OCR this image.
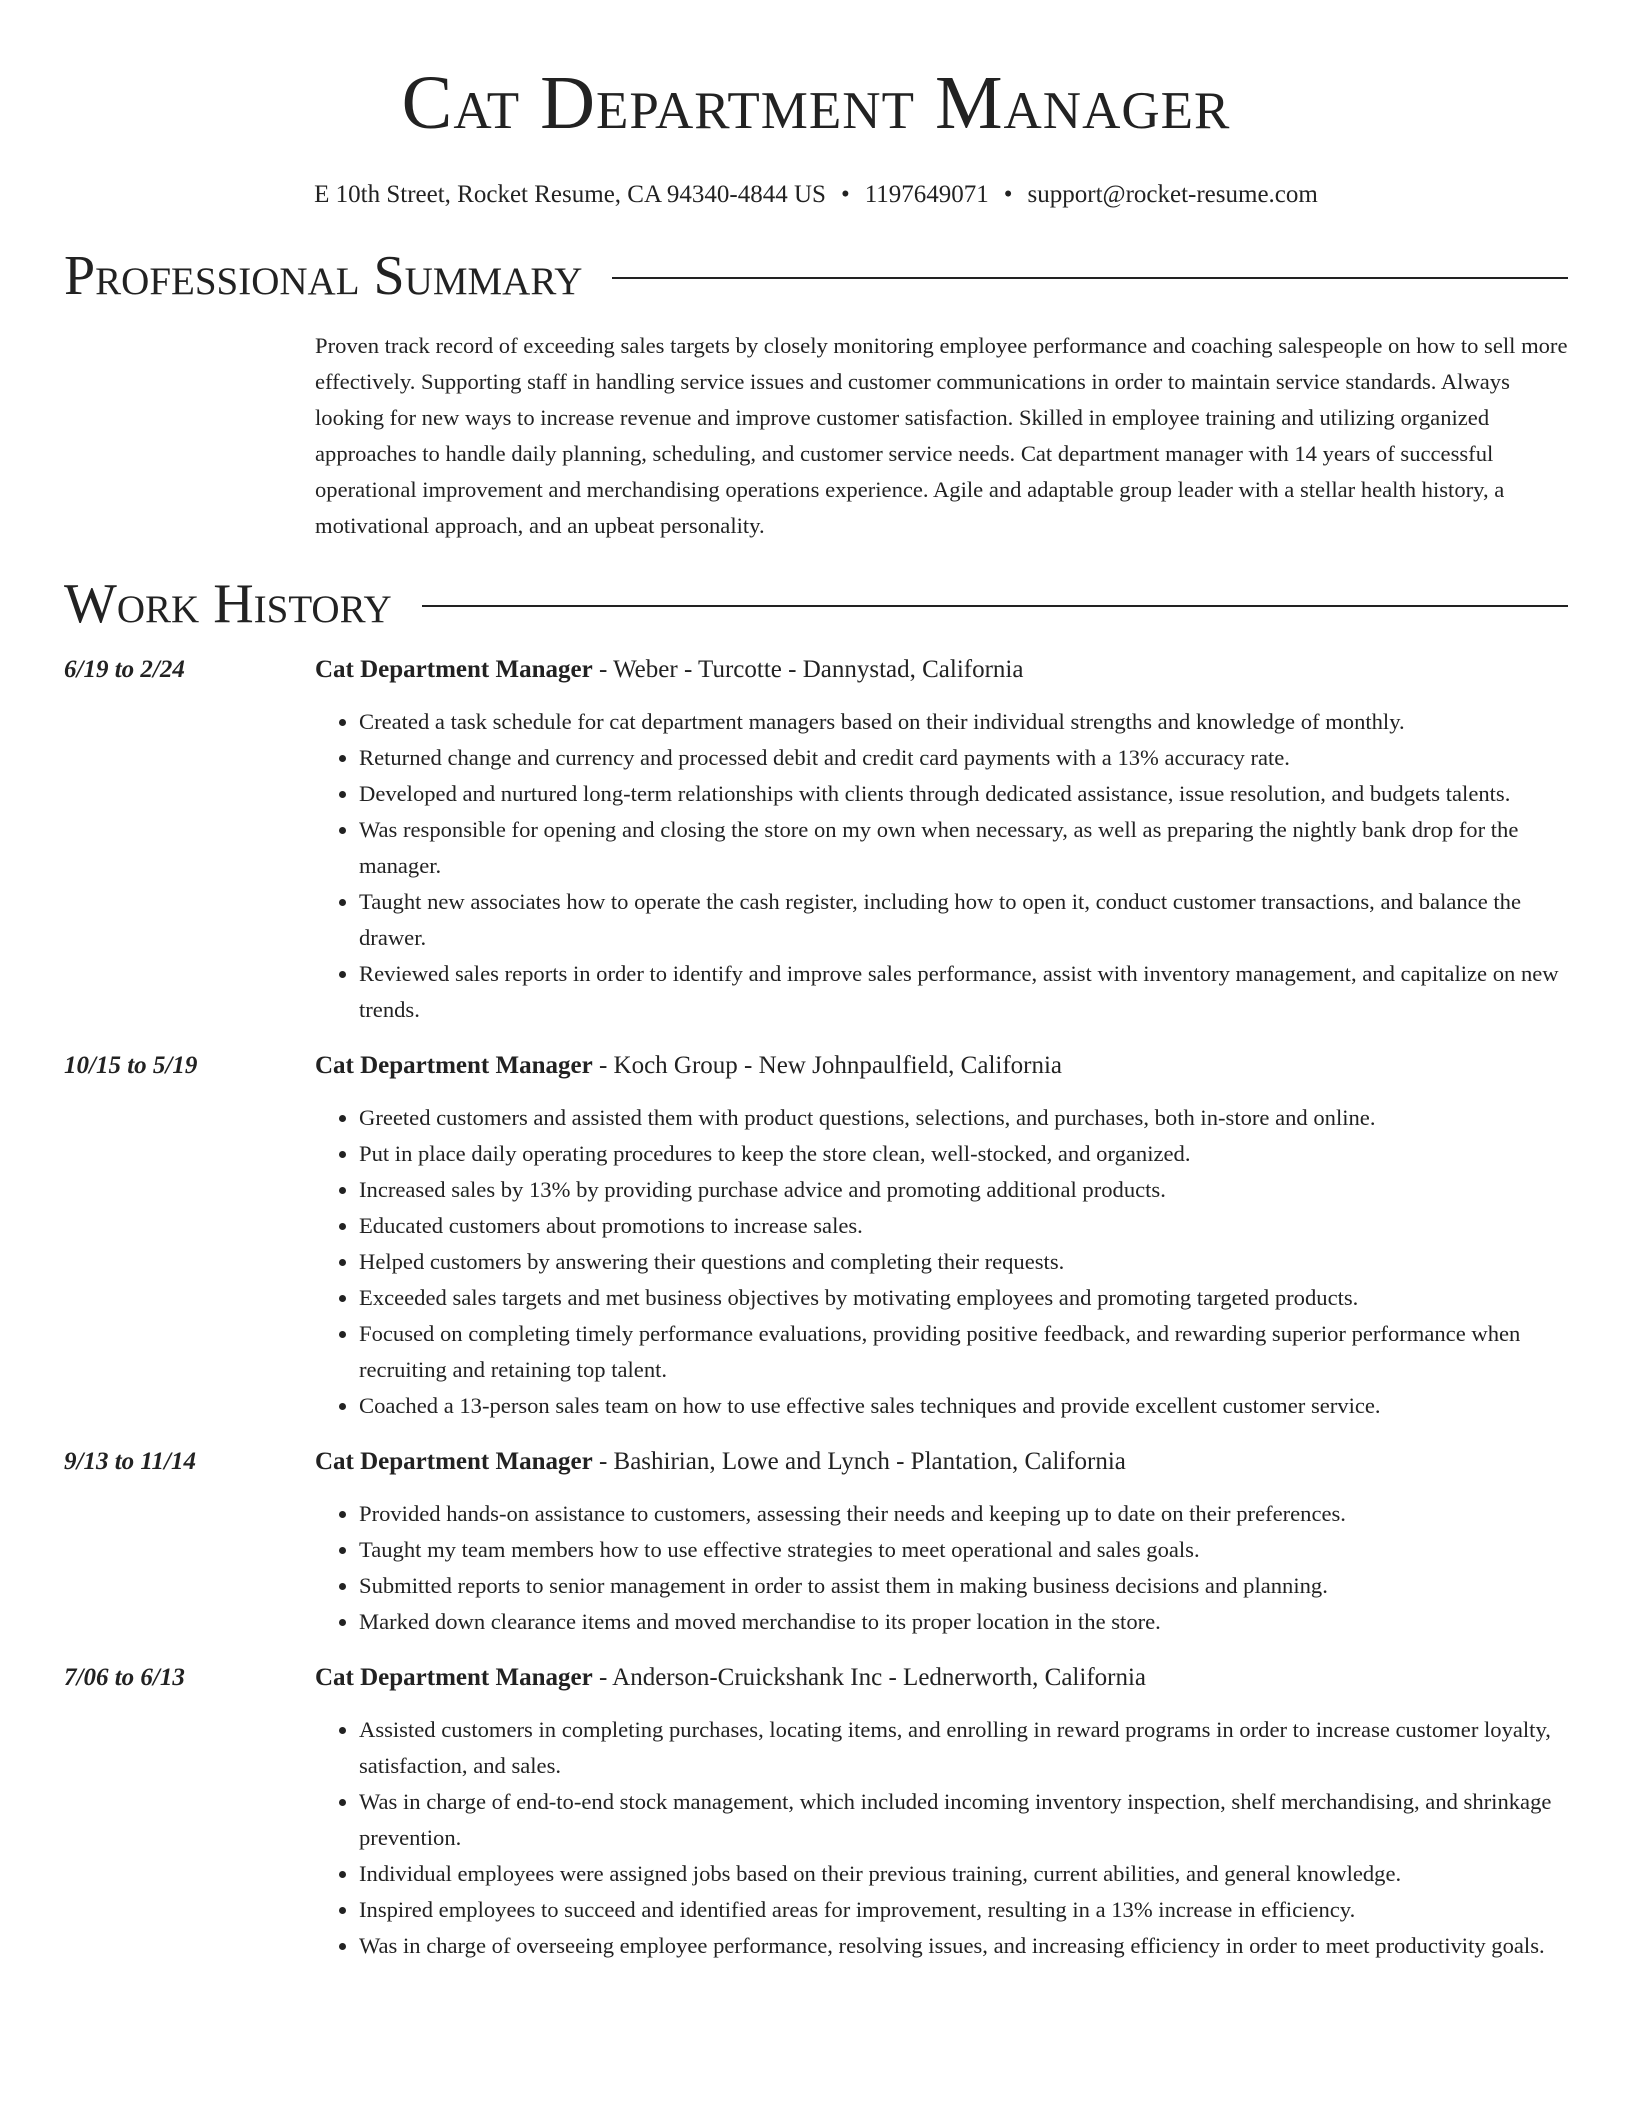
Cat Department Manager
E 10th Street, Rocket Resume, CA 94340-4844 US • 1197649071 • support@rocket-resume.com
Professional Summary
Proven track record of exceeding sales targets by closely monitoring employee performance and coaching salespeople on how to sell more effectively. Supporting staff in handling service issues and customer communications in order to maintain service standards. Always looking for new ways to increase revenue and improve customer satisfaction. Skilled in employee training and utilizing organized approaches to handle daily planning, scheduling, and customer service needs. Cat department manager with 14 years of successful operational improvement and merchandising operations experience. Agile and adaptable group leader with a stellar health history, a motivational approach, and an upbeat personality.
Work History
6/19 to 2/24	Cat Department Manager - Weber - Turcotte - Dannystad, California
• Created a task schedule for cat department managers based on their individual strengths and knowledge of monthly.
• Returned change and currency and processed debit and credit card payments with a 13% accuracy rate.
• Developed and nurtured long-term relationships with clients through dedicated assistance, issue resolution, and budgets talents.
• Was responsible for opening and closing the store on my own when necessary, as well as preparing the nightly bank drop for the manager.
• Taught new associates how to operate the cash register, including how to open it, conduct customer transactions, and balance the drawer.
• Reviewed sales reports in order to identify and improve sales performance, assist with inventory management, and capitalize on new trends.
10/15 to 5/19	Cat Department Manager - Koch Group - New Johnpaulfield, California
• Greeted customers and assisted them with product questions, selections, and purchases, both in-store and online.
• Put in place daily operating procedures to keep the store clean, well-stocked, and organized.
• Increased sales by 13% by providing purchase advice and promoting additional products.
• Educated customers about promotions to increase sales.
• Helped customers by answering their questions and completing their requests.
• Exceeded sales targets and met business objectives by motivating employees and promoting targeted products.
• Focused on completing timely performance evaluations, providing positive feedback, and rewarding superior performance when recruiting and retaining top talent.
• Coached a 13-person sales team on how to use effective sales techniques and provide excellent customer service.
9/13 to 11/14	Cat Department Manager - Bashirian, Lowe and Lynch - Plantation, California
• Provided hands-on assistance to customers, assessing their needs and keeping up to date on their preferences.
• Taught my team members how to use effective strategies to meet operational and sales goals.
• Submitted reports to senior management in order to assist them in making business decisions and planning.
• Marked down clearance items and moved merchandise to its proper location in the store.
7/06 to 6/13	Cat Department Manager - Anderson-Cruickshank Inc - Lednerworth, California
• Assisted customers in completing purchases, locating items, and enrolling in reward programs in order to increase customer loyalty, satisfaction, and sales.
• Was in charge of end-to-end stock management, which included incoming inventory inspection, shelf merchandising, and shrinkage prevention.
• Individual employees were assigned jobs based on their previous training, current abilities, and general knowledge.
• Inspired employees to succeed and identified areas for improvement, resulting in a 13% increase in efficiency.
• Was in charge of overseeing employee performance, resolving issues, and increasing efficiency in order to meet productivity goals.
